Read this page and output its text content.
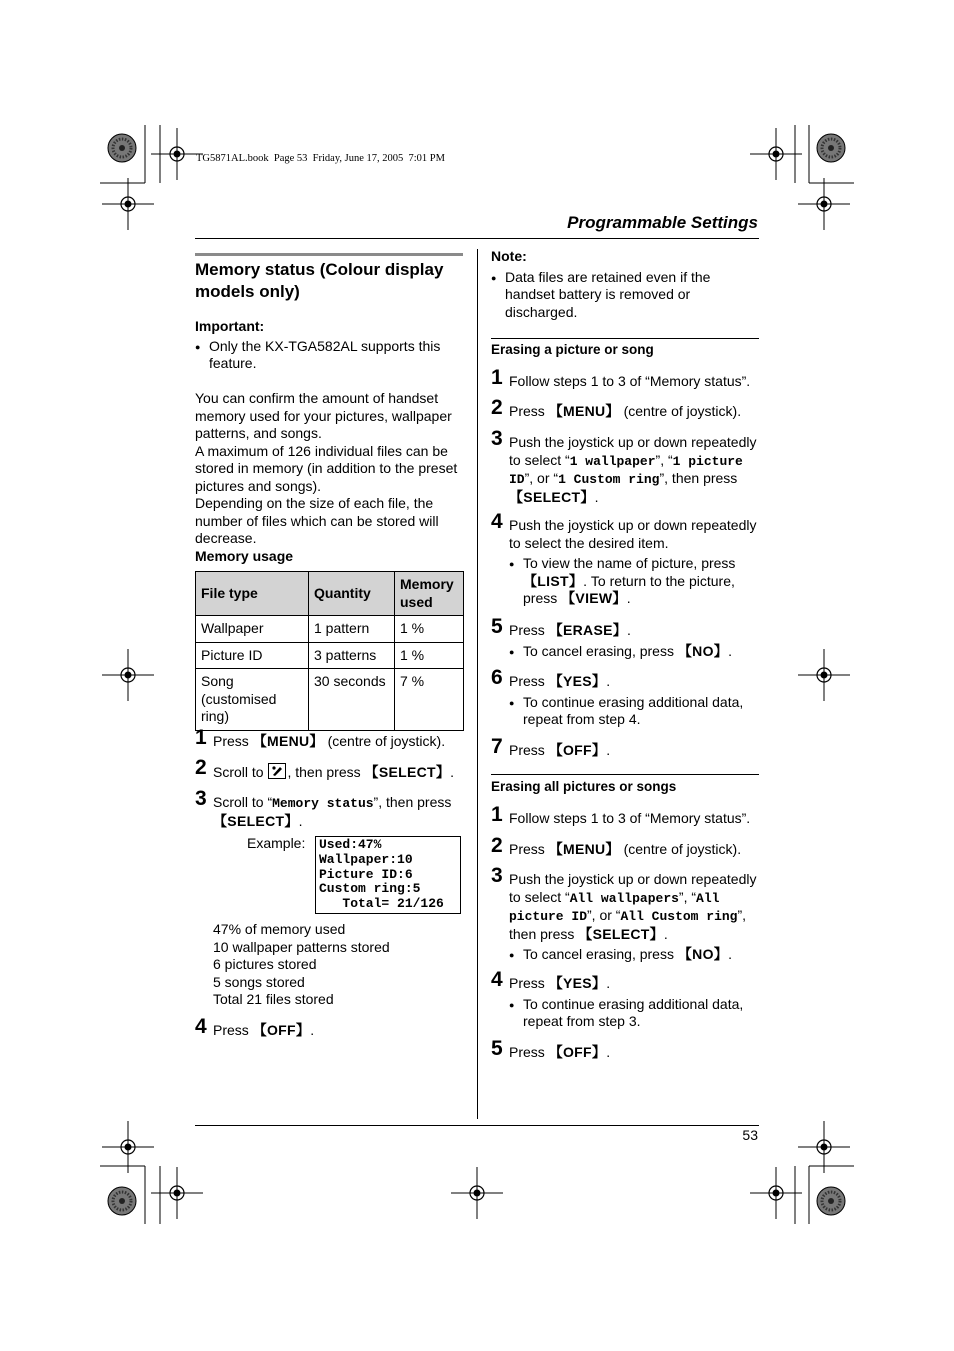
TG5871AL.book  Page 53  Friday, June 17, 2005  7:01 PM
Programmable Settings
Memory status (Colour display models only)
Important:
● Only the KX-TGA582AL supports this feature.
You can confirm the amount of handset memory used for your pictures, wallpaper patterns, and songs.
A maximum of 126 individual files can be stored in memory (in addition to the preset pictures and songs).
Depending on the size of each file, the number of files which can be stored will decrease.
Memory usage
File type	Quantity	Memory used
Wallpaper	1 pattern	1 %
Picture ID	3 patterns	1 %
Song (customised ring)	30 seconds	7 %
1 Press 【MENU】 (centre of joystick).
2 Scroll to
, then press 【SELECT】.
3 Scroll to “Memory status”, then press 【SELECT】.
Example: Used:47%
Wallpaper:10
Picture ID:6
Custom ring:5
Total= 21/126
47% of memory used
10 wallpaper patterns stored
6 pictures stored
5 songs stored
Total 21 files stored
4 Press 【OFF】.
Note:
● Data files are retained even if the handset battery is removed or discharged.
Erasing a picture or song
1 Follow steps 1 to 3 of “Memory status”.
2 Press 【MENU】 (centre of joystick).
3 Push the joystick up or down repeatedly to select “1 wallpaper”, “1 picture ID”, or “1 Custom ring”, then press 【SELECT】.
4 Push the joystick up or down repeatedly to select the desired item.
● To view the name of picture, press 【LIST】. To return to the picture, press 【VIEW】.
5 Press 【ERASE】.
● To cancel erasing, press 【NO】.
6 Press 【YES】.
● To continue erasing additional data, repeat from step 4.
7 Press 【OFF】.
Erasing all pictures or songs
1 Follow steps 1 to 3 of “Memory status”.
2 Press 【MENU】 (centre of joystick).
3 Push the joystick up or down repeatedly to select “All wallpapers”, “All picture ID”, or “All Custom ring”, then press 【SELECT】.
● To cancel erasing, press 【NO】.
4 Press 【YES】.
● To continue erasing additional data, repeat from step 3.
5 Press 【OFF】.
53
